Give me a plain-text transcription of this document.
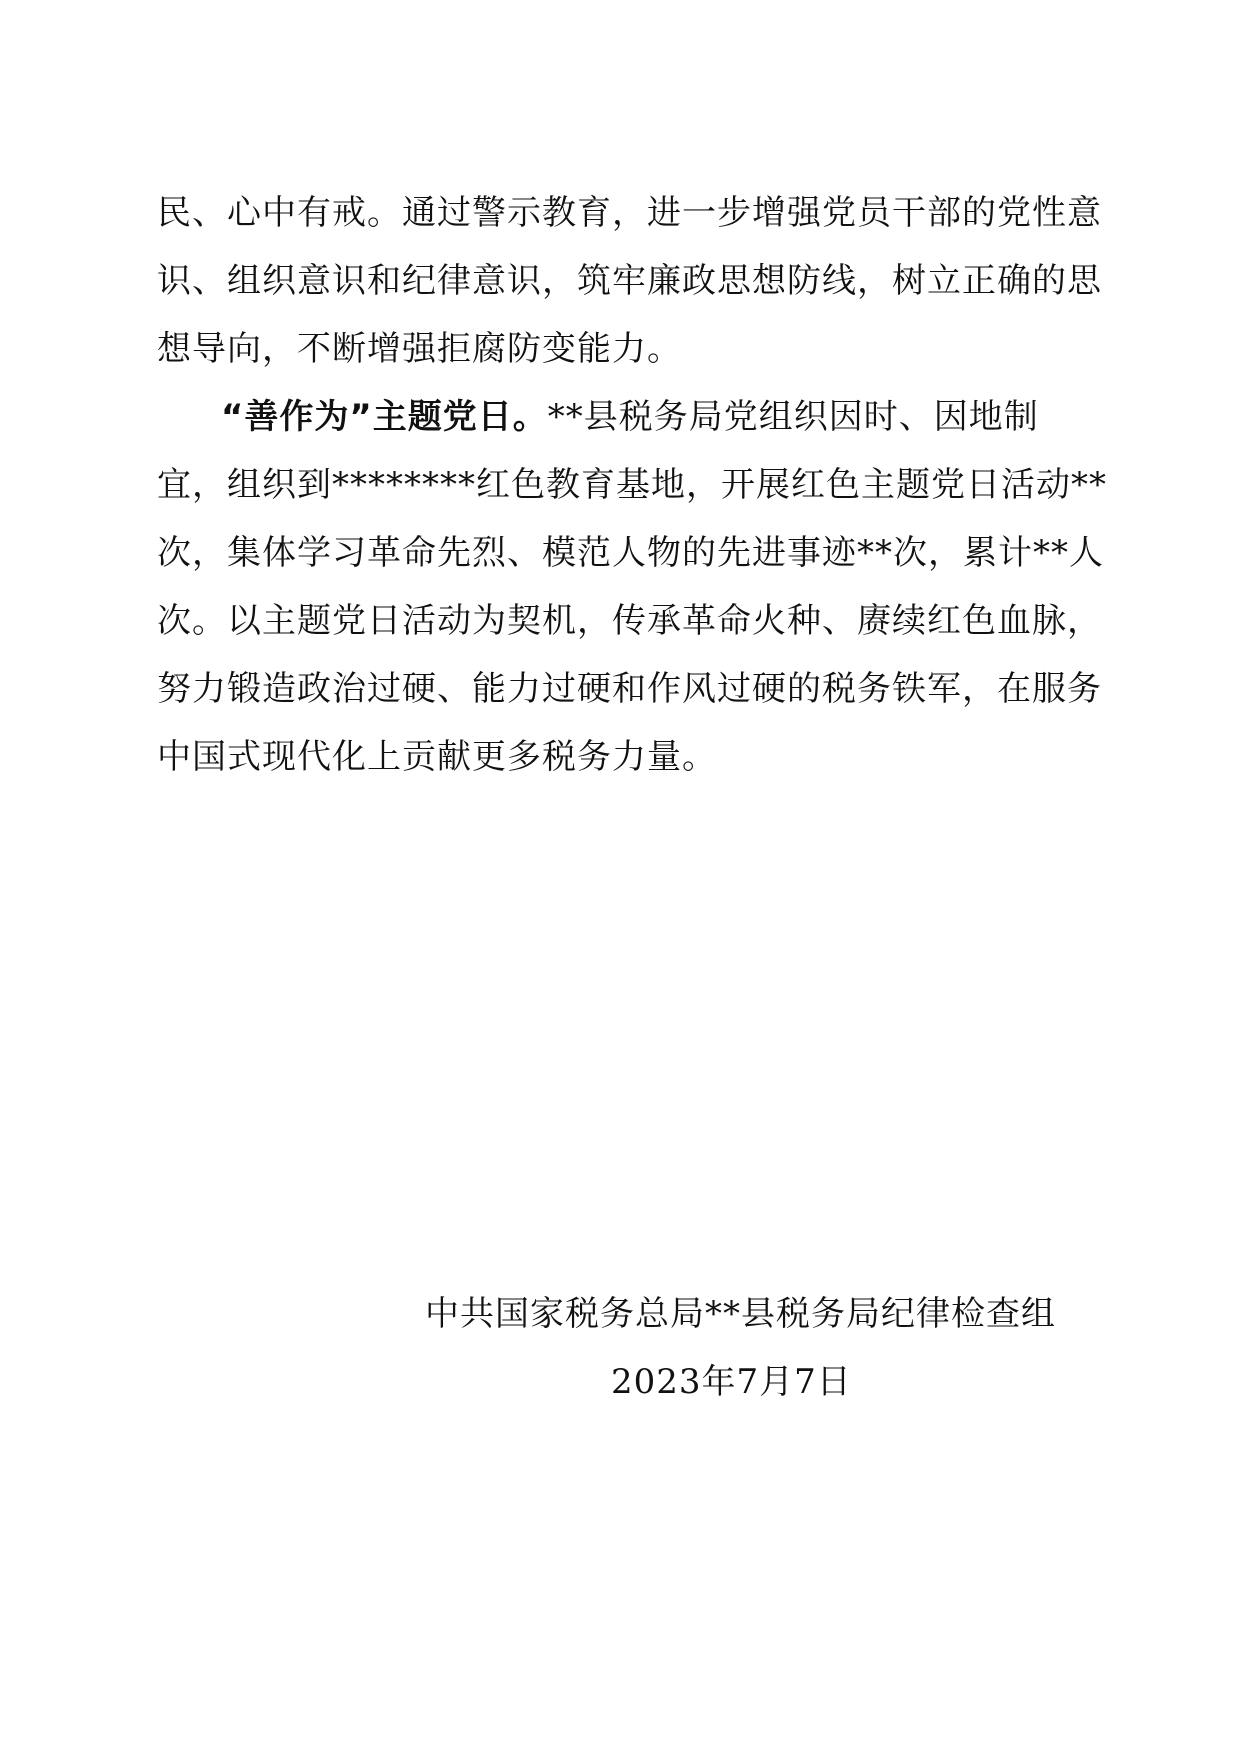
民、心中有戒。通过警示教育，进一步增强党员干部的党性意
识、组织意识和纪律意识，筑牢廉政思想防线，树立正确的思
想导向，不断增强拒腐防变能力。
“善作为”主题党日。**县税务局党组织因时、因地制
宜，组织到********红色教育基地，开展红色主题党日活动**
次，集体学习革命先烈、模范人物的先进事迹**次，累计**人
次。以主题党日活动为契机，传承革命火种、赓续红色血脉，
努力锻造政治过硬、能力过硬和作风过硬的税务铁军，在服务
中国式现代化上贡献更多税务力量。
中共国家税务总局**县税务局纪律检查组
2023年7月7日
